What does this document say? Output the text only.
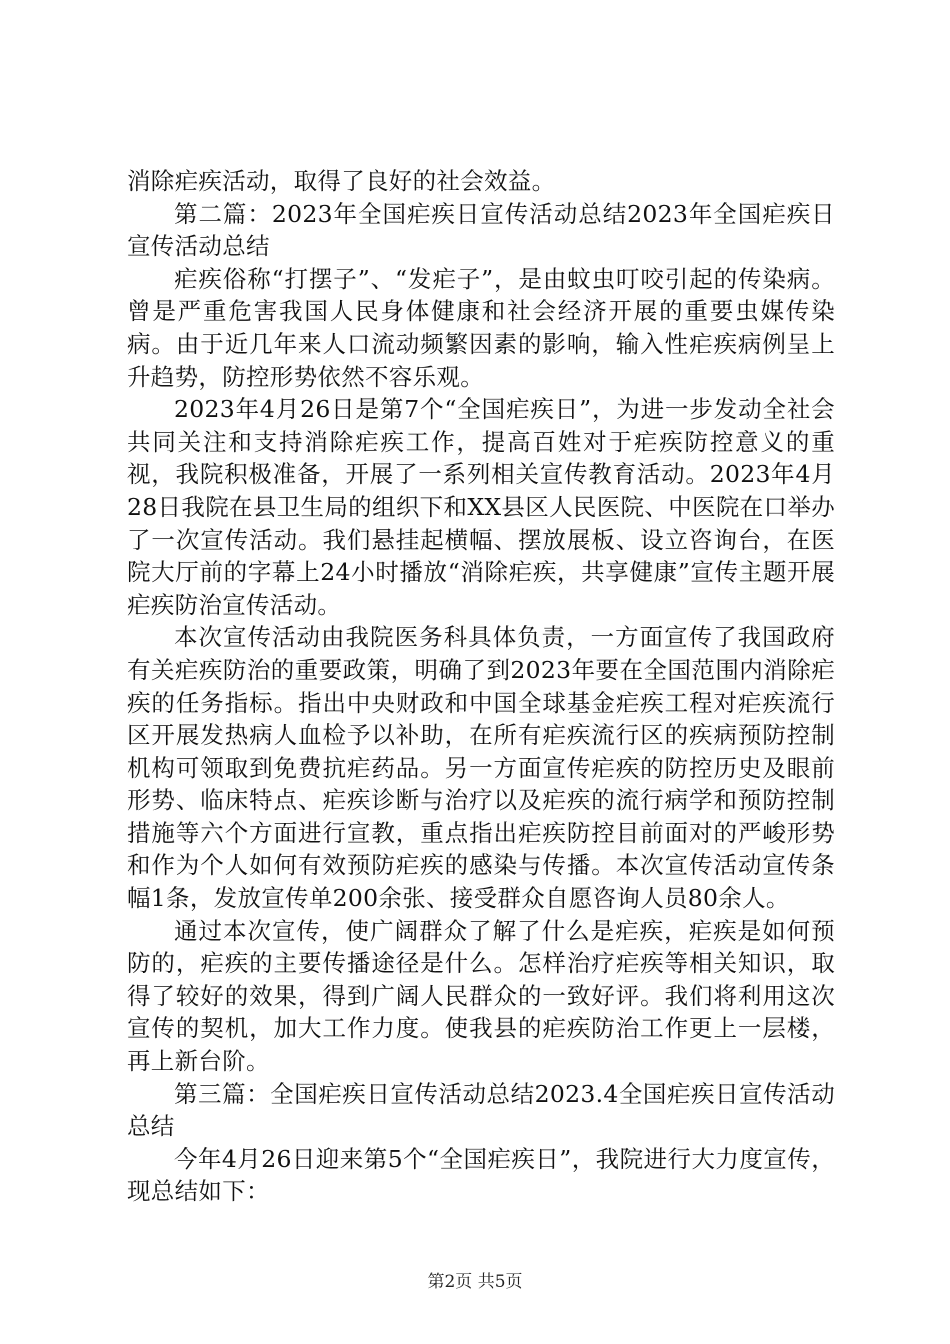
消除疟疾活动，取得了良好的社会效益。

第二篇：2023年全国疟疾日宣传活动总结2023年全国疟疾日宣传活动总结

疟疾俗称“打摆子”、“发疟子”，是由蚊虫叮咬引起的传染病。曾是严重危害我国人民身体健康和社会经济开展的重要虫媒传染病。由于近几年来人口流动频繁因素的影响，输入性疟疾病例呈上升趋势，防控形势依然不容乐观。

2023年4月26日是第7个“全国疟疾日”，为进一步发动全社会共同关注和支持消除疟疾工作，提高百姓对于疟疾防控意义的重视，我院积极准备，开展了一系列相关宣传教育活动。2023年4月28日我院在县卫生局的组织下和XX县区人民医院、中医院在口举办了一次宣传活动。我们悬挂起横幅、摆放展板、设立咨询台，在医院大厅前的字幕上24小时播放“消除疟疾，共享健康”宣传主题开展疟疾防治宣传活动。

本次宣传活动由我院医务科具体负责，一方面宣传了我国政府有关疟疾防治的重要政策，明确了到2023年要在全国范围内消除疟疾的任务指标。指出中央财政和中国全球基金疟疾工程对疟疾流行区开展发热病人血检予以补助，在所有疟疾流行区的疾病预防控制机构可领取到免费抗疟药品。另一方面宣传疟疾的防控历史及眼前形势、临床特点、疟疾诊断与治疗以及疟疾的流行病学和预防控制措施等六个方面进行宣教，重点指出疟疾防控目前面对的严峻形势和作为个人如何有效预防疟疾的感染与传播。本次宣传活动宣传条幅1条，发放宣传单200余张、接受群众自愿咨询人员80余人。

通过本次宣传，使广阔群众了解了什么是疟疾，疟疾是如何预防的，疟疾的主要传播途径是什么。怎样治疗疟疾等相关知识，取得了较好的效果，得到广阔人民群众的一致好评。我们将利用这次宣传的契机，加大工作力度。使我县的疟疾防治工作更上一层楼，再上新台阶。

第三篇：全国疟疾日宣传活动总结2023.4全国疟疾日宣传活动总结

今年4月26日迎来第5个“全国疟疾日”，我院进行大力度宣传，现总结如下：

第2页 共5页
